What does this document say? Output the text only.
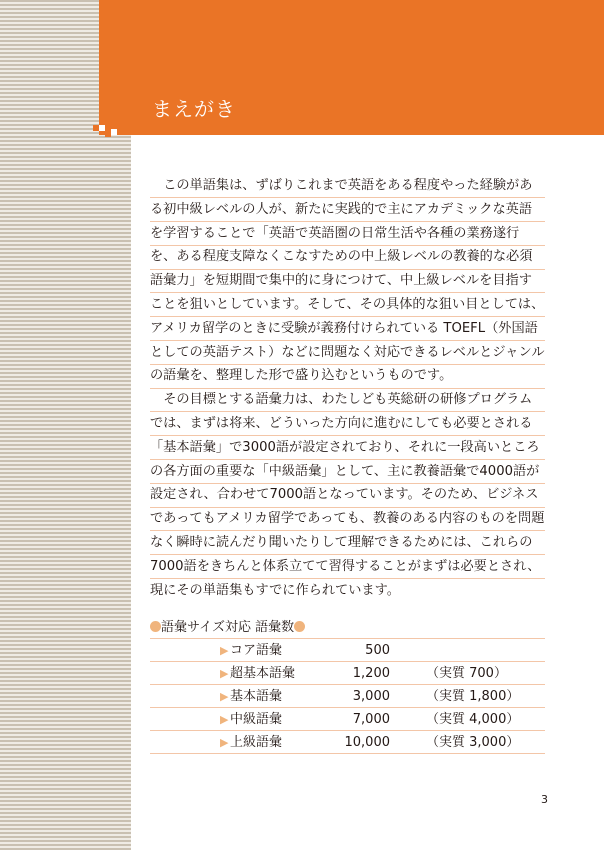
まえがき

この単語集は、ずばりこれまで英語をある程度やった経験がある初中級レベルの人が、新たに実践的で主にアカデミックな英語を学習することで「英語で英語圏の日常生活や各種の業務遂行を、ある程度支障なくこなすための中上級レベルの教養的な必須語彙力」を短期間で集中的に身につけて、中上級レベルを目指すことを狙いとしています。そして、その具体的な狙い目としては、アメリカ留学のときに受験が義務付けられている TOEFL（外国語としての英語テスト）などに問題なく対応できるレベルとジャンルの語彙を、整理した形で盛り込むというものです。

その目標とする語彙力は、わたしども英総研の研修プログラムでは、まずは将来、どういった方向に進むにしても必要とされる「基本語彙」で3000語が設定されており、それに一段高いところの各方面の重要な「中級語彙」として、主に教養語彙で4000語が設定され、合わせて7000語となっています。そのため、ビジネスであってもアメリカ留学であっても、教養のある内容のものを問題なく瞬時に読んだり聞いたりして理解できるためには、これらの7000語をきちんと体系立てて習得することがまずは必要とされ、現にその単語集もすでに作られています。

語彙サイズ対応 語彙数
▶ コア語彙	500
▶ 超基本語彙	1,200	（実質 700）
▶ 基本語彙	3,000	（実質 1,800）
▶ 中級語彙	7,000	（実質 4,000）
▶ 上級語彙	10,000	（実質 3,000）
3
